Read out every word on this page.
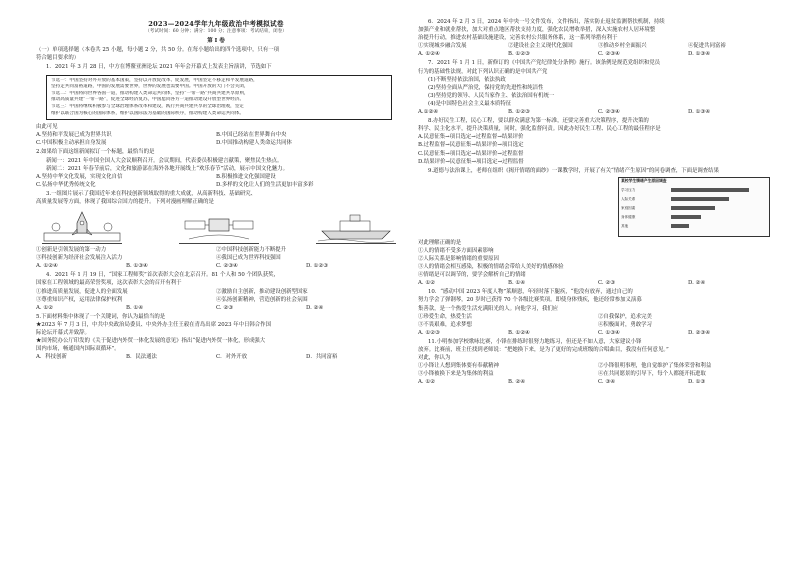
2023—2024学年九年级政治中考模拟试卷
（考试时间：60 分钟；满分：100 分；注意事项：考试结束，闭卷）
第 Ⅰ 卷
（一）单项选择题（本卷共 25 小题，每小题 2 分，共 50 分。在每小题给出的四个选项中，只有一项
符合题目要求的）
1．2021 年 3 月 28 日，中方在博鳌亚洲论坛 2021 年年会开幕式上发表主旨演讲，节选如下
节选一：中国坚持对外开放的基本国策，坚持以开放促改革、促发展，中国坚定不移走和平发展道路，
坚持走共同富裕道路，中国的发展需要世界，世界的发展也需要中国。中国开放的大门不会关闭，
节选二：中国将同世界各国一道，推动构建人类命运共同体，坚持“一带一路”共商共建共享原则，
推动高质量共建“一带一路”，促进全球经济复苏，中国愿同各方一道推动建设开放型世界经济。
节选三：中国将继续积极参与全球治理体系改革和建设，践行共商共建共享的全球治理观，坚定
维护以联合国为核心的国际体系，维护以国际法为基础的国际秩序，推动构建人类命运共同体。
由此可见
A.坚持和平发展已成为世界共识	B.中国已经站在世界舞台中央
C.中国积极主动承担自身发展	D.中国推动构建人类命运共同体
2.如果给下面这组新闻拟订一个标题，最恰当的是
新闻一：2021 年中国全国人大会议顺利召开。会议期间，代表委员积极建言献策，聚焦民生热点。
新闻二：2021 年春节前后，文化和旅游部在海外各地开展线上“欢乐春节”活动，展示中国文化魅力。
A.坚持中华文化发展，实现文化自信	B.积极推进文化强国建设
C.弘扬中华优秀传统文化	D.多样的文化让人们的生活更加丰富多彩
3.一组图片展示了我国近年来在科技创新领域取得的重大成就，从高新科技、基础研究、
高质量发展等方面，体现了我国综合国力的提升。下列对漫画理解正确的是
①创新是引领发展的第一动力	②中国科技创新能力不断提升
③科技创新为经济社会发展注入活力	④我国已成为世界科技强国
A. ①②④	B. ①③④	C. ②③④	D. ①②③
4．2021 年 1 月 19 日，“国家工程师奖”首次表彰大会在北京召开。81 个人和 50 个团队获奖，
国家在工程领域的最高荣誉奖项，这次表彰大会的召开有利于
①推进高质量发展，促进人的全面发展	②激励自主创新，推动建设创新型国家
③尊重知识产权，运用法律保护权利	④弘扬创新精神，营造创新的社会氛围
A. ①②	B. ①④	C. ②③	D. ②④
5.下面材料集中体现了一个关键词，你认为最恰当的是
★2023 年 7 月 3 日，中共中央政治局委员、中央外办主任王毅在青岛出席 2023 年中日韩合作国
际论坛开幕式并致辞。
★国务院办公厅印发的《关于促进内外贸一体化发展的意见》指出“促进内外贸一体化，形成强大
国内市场，畅通国内国际双循环”。
A．科技创新	B．民法通法	C．对外开放	D．共同富裕
6．2024 年 2 月 3 日，2024 年中央一号文件发布，文件指出，落实防止返贫监测帮扶机制，持续
加强产业和就业帮扶，加大对重点地区帮扶支持力度，强化农民增收举措，深入实施农村人居环境整
治提升行动，推进农村基础设施建设，完善农村公共服务体系，这一系列举措有利于
①实现城乡融合发展	②建设社会主义现代化强国	③推动乡村全面振兴	④促进共同富裕
A. ①②④	B. ①②③	C. ②③④	D. ①③④
7．2021 年 1 月 1 日，新修订的《中国共产党纪律处分条例》施行。该条例是规范党组织和党员
行为的基础性法规，对此下列认识正确的是中国共产党
(1)不断坚持依法治国，依法执政
(2)坚持全面从严治党，保持党的先进性和纯洁性
(3)坚持党的领导、人民当家作主、依法治国有机统一
(4)是中国特色社会主义最本质特征
A.①②④	B. ①②③	C. ②③④	D. ①③④
8.办好民生工程，民心工程，要以群众满意为第一标准，还要完善重大决策程序，提升决策的
科学、民主化水平，提升决策质量，同时，强化监督问责。因此办好民生工程、民心工程的最佳程序是
A.民意征集→项目选定→过程监督→结果评价
B.过程监督→民意征集→结果评价→项目选定
C.民意征集→项目选定→结果评价→过程监督
D.结果评价→民意征集→项目选定→过程监督
9.道德与法治课上，老师在组织《揭开情绪的面纱》一课教学时，开展了有关“情绪产生原因”的问卷调查，下面是调查结果
某校学生情绪产生原因调查
学习压力
人际关系
家庭因素
身体健康
其他
对此理解正确的是
①人的情绪不受多方面因素影响
②人际关系是影响情绪的重要原因
③人的情绪会相互感染，积极的情绪会带给人美好的情感体验
④情绪是可以调节的，要学会解析自己的情绪
A. ①②	B. ①④	C. ②③	D. ②④
10．“感动中国 2023 年度人物”莱顺恩，年轻时落下腿疾，“他没有放弃，通过自己的
努力学会了弹钢琴，20 岁时已获得 70 个各级比赛奖项。即使身体残疾，他还经常参加义演募
集善款，是一个热爱生活充满阳光的人。向他学习，我们应
①珍爱生命，热爱生活	②自我保护，追求完美
③不畏艰难，追求梦想	④积极面对，勇敢学习
A. ①②③	B. ①②④	C. ①③④	D. ②③④
11.小明参加学校歌咏比赛，小锋在排练时很努力地练习，但还是不如人意，大家建议小锋
放弃。比赛前，班主任找到老师说：“把她换下来，是为了更好的完成班级的合唱曲目，我没有任何意见。”
对此，你认为
①小锋让人想到集体要有奉献精神	②小锋很明事理，他自觉维护了集体荣誉和利益
③小锋被换下来是为集体的利益	④在共同愿景的引导下，每个人都能开拓进取
A. ①②	B. ②④	C. ③④	D. ①③
